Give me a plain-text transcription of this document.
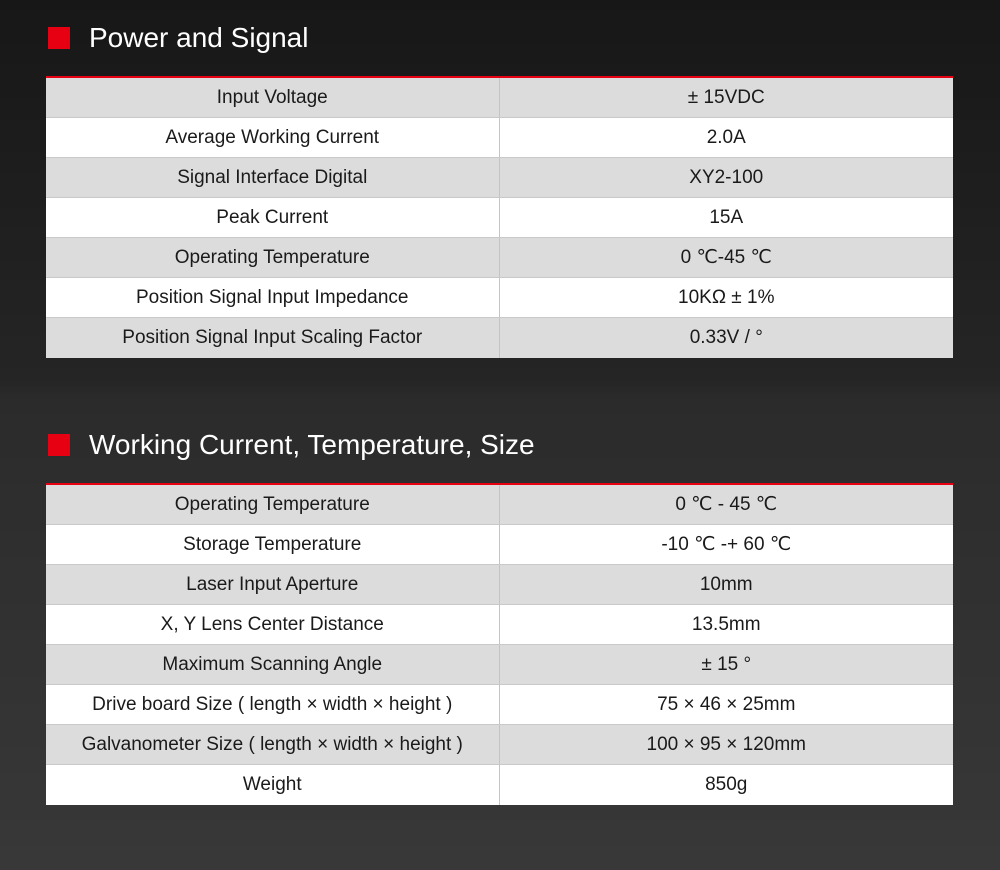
Power and Signal
Input Voltage	± 15VDC
Average Working Current	2.0A
Signal Interface Digital	XY2-100
Peak Current	15A
Operating Temperature	0 ℃-45 ℃
Position Signal Input Impedance	10KΩ ± 1%
Position Signal Input Scaling Factor	0.33V / °
Working Current, Temperature, Size
Operating Temperature	0 ℃ - 45 ℃
Storage Temperature	-10 ℃ -+ 60 ℃
Laser Input Aperture	10mm
X, Y Lens Center Distance	13.5mm
Maximum Scanning Angle	± 15 °
Drive board Size ( length × width × height )	75 × 46 × 25mm
Galvanometer Size ( length × width × height )	100 × 95 × 120mm
Weight	850g
